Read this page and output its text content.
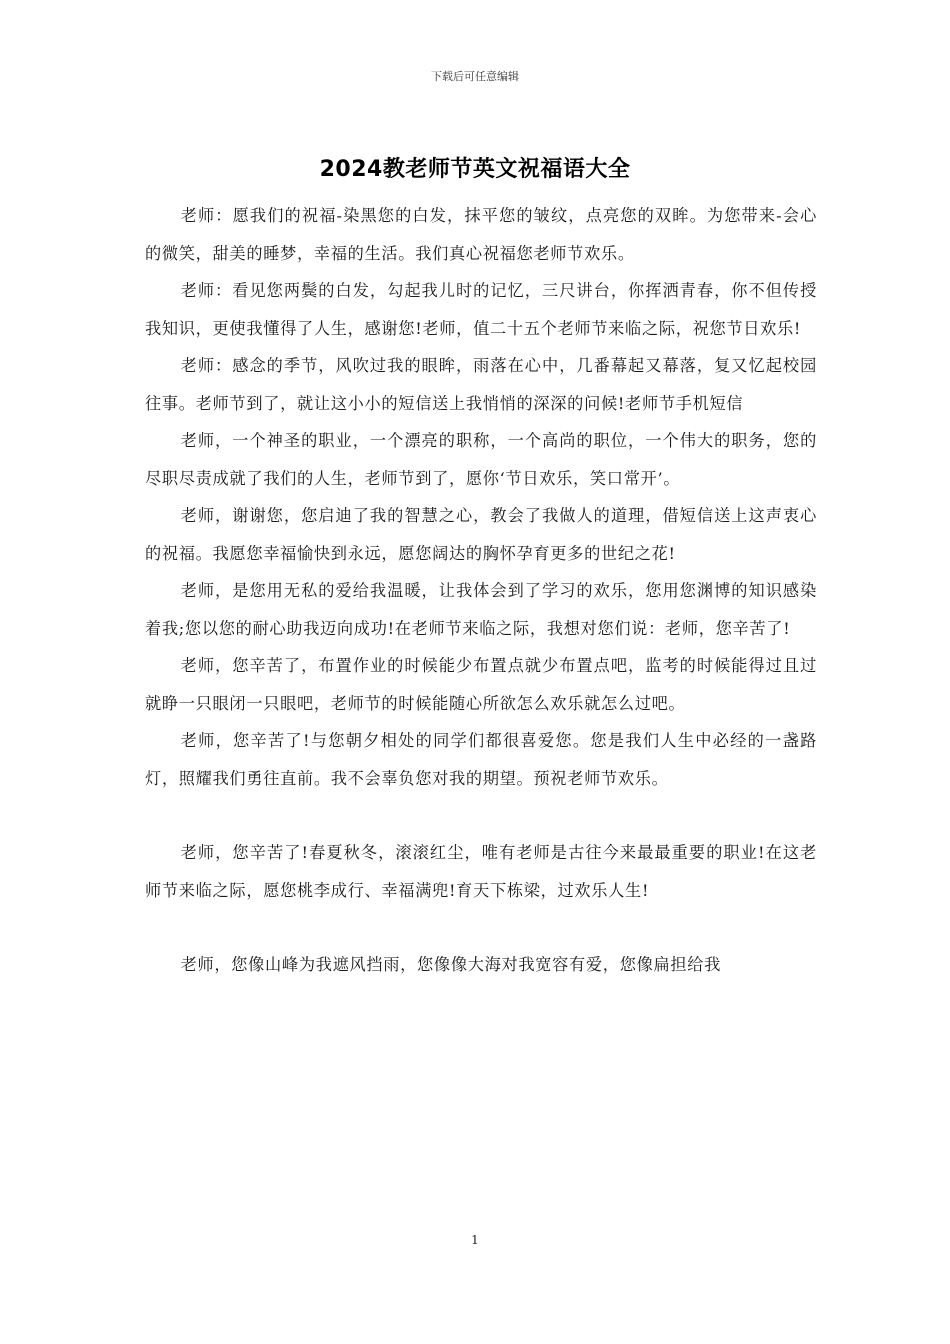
下载后可任意编辑
2024教老师节英文祝福语大全

老师：愿我们的祝福-染黑您的白发，抹平您的皱纹，点亮您的双眸。为您带来-会心的微笑，甜美的睡梦，幸福的生活。我们真心祝福您老师节欢乐。

老师：看见您两鬓的白发，勾起我儿时的记忆，三尺讲台，你挥洒青春，你不但传授我知识，更使我懂得了人生，感谢您!老师，值二十五个老师节来临之际，祝您节日欢乐!

老师：感念的季节，风吹过我的眼眸，雨落在心中，几番幕起又幕落，复又忆起校园往事。老师节到了，就让这小小的短信送上我悄悄的深深的问候!老师节手机短信

老师，一个神圣的职业，一个漂亮的职称，一个高尚的职位，一个伟大的职务，您的尽职尽责成就了我们的人生，老师节到了，愿你‘节日欢乐，笑口常开’。

老师，谢谢您，您启迪了我的智慧之心，教会了我做人的道理，借短信送上这声衷心的祝福。我愿您幸福愉快到永远，愿您阔达的胸怀孕育更多的世纪之花!

老师，是您用无私的爱给我温暖，让我体会到了学习的欢乐，您用您渊博的知识感染着我;您以您的耐心助我迈向成功!在老师节来临之际，我想对您们说：老师，您辛苦了!

老师，您辛苦了，布置作业的时候能少布置点就少布置点吧，监考的时候能得过且过就睁一只眼闭一只眼吧，老师节的时候能随心所欲怎么欢乐就怎么过吧。

老师，您辛苦了!与您朝夕相处的同学们都很喜爱您。您是我们人生中必经的一盏路灯，照耀我们勇往直前。我不会辜负您对我的期望。预祝老师节欢乐。

老师，您辛苦了!春夏秋冬，滚滚红尘，唯有老师是古往今来最最重要的职业!在这老师节来临之际，愿您桃李成行、幸福满兜!育天下栋梁，过欢乐人生!

老师，您像山峰为我遮风挡雨，您像像大海对我宽容有爱，您像扁担给我

1
